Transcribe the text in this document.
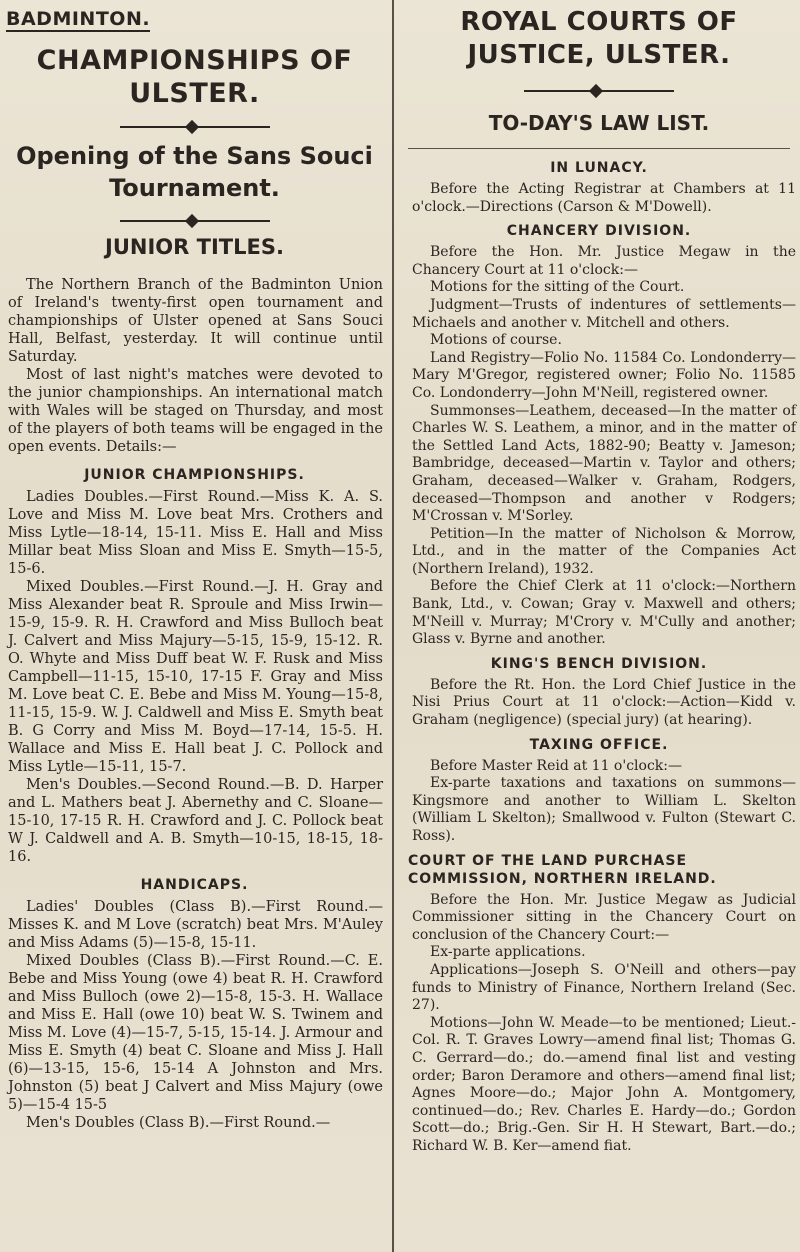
BADMINTON.
CHAMPIONSHIPS OF ULSTER.
Opening of the Sans Souci Tournament.
JUNIOR TITLES.

The Northern Branch of the Badminton Union of Ireland's twenty-first open tournament and championships of Ulster opened at Sans Souci Hall, Belfast, yesterday. It will continue until Saturday.

Most of last night's matches were devoted to the junior championships. An international match with Wales will be staged on Thursday, and most of the players of both teams will be engaged in the open events. Details:—

JUNIOR CHAMPIONSHIPS.

Ladies Doubles.—First Round.—Miss K. A. S. Love and Miss M. Love beat Mrs. Crothers and Miss Lytle—18-14, 15-11. Miss E. Hall and Miss Millar beat Miss Sloan and Miss E. Smyth—15-5, 15-6.

Mixed Doubles.—First Round.—J. H. Gray and Miss Alexander beat R. Sproule and Miss Irwin—15-9, 15-9. R. H. Crawford and Miss Bulloch beat J. Calvert and Miss Majury—5-15, 15-9, 15-12. R. O. Whyte and Miss Duff beat W. F. Rusk and Miss Campbell—11-15, 15-10, 17-15 F. Gray and Miss M. Love beat C. E. Bebe and Miss M. Young—15-8, 11-15, 15-9. W. J. Caldwell and Miss E. Smyth beat B. G Corry and Miss M. Boyd—17-14, 15-5. H. Wallace and Miss E. Hall beat J. C. Pollock and Miss Lytle—15-11, 15-7.

Men's Doubles.—Second Round.—B. D. Harper and L. Mathers beat J. Abernethy and C. Sloane—15-10, 17-15 R. H. Crawford and J. C. Pollock beat W J. Caldwell and A. B. Smyth—10-15, 18-15, 18-16.

HANDICAPS.

Ladies' Doubles (Class B).—First Round.—Misses K. and M Love (scratch) beat Mrs. M'Auley and Miss Adams (5)—15-8, 15-11.

Mixed Doubles (Class B).—First Round.—C. E. Bebe and Miss Young (owe 4) beat R. H. Crawford and Miss Bulloch (owe 2)—15-8, 15-3. H. Wallace and Miss E. Hall (owe 10) beat W. S. Twinem and Miss M. Love (4)—15-7, 5-15, 15-14. J. Armour and Miss E. Smyth (4) beat C. Sloane and Miss J. Hall (6)—13-15, 15-6, 15-14 A Johnston and Mrs. Johnston (5) beat J Calvert and Miss Majury (owe 5)—15-4 15-5

Men's Doubles (Class B).—First Round.—

ROYAL COURTS OF JUSTICE, ULSTER.
TO-DAY'S LAW LIST.
IN LUNACY.

Before the Acting Registrar at Chambers at 11 o'clock.—Directions (Carson & M'Dowell).

CHANCERY DIVISION.

Before the Hon. Mr. Justice Megaw in the Chancery Court at 11 o'clock:—

Motions for the sitting of the Court.

Judgment—Trusts of indentures of settlements—Michaels and another v. Mitchell and others.

Motions of course.

Land Registry—Folio No. 11584 Co. Londonderry—Mary M'Gregor, registered owner; Folio No. 11585 Co. Londonderry—John M'Neill, registered owner.

Summonses—Leathem, deceased—In the matter of Charles W. S. Leathem, a minor, and in the matter of the Settled Land Acts, 1882-90; Beatty v. Jameson; Bambridge, deceased—Martin v. Taylor and others; Graham, deceased—Walker v. Graham, Rodgers, deceased—Thompson and another v Rodgers; M'Crossan v. M'Sorley.

Petition—In the matter of Nicholson & Morrow, Ltd., and in the matter of the Companies Act (Northern Ireland), 1932.

Before the Chief Clerk at 11 o'clock:—Northern Bank, Ltd., v. Cowan; Gray v. Maxwell and others; M'Neill v. Murray; M'Crory v. M'Cully and another; Glass v. Byrne and another.

KING'S BENCH DIVISION.

Before the Rt. Hon. the Lord Chief Justice in the Nisi Prius Court at 11 o'clock:—Action—Kidd v. Graham (negligence) (special jury) (at hearing).

TAXING OFFICE.

Before Master Reid at 11 o'clock:—

Ex-parte taxations and taxations on summons—Kingsmore and another to William L. Skelton (William L Skelton); Smallwood v. Fulton (Stewart C. Ross).

COURT OF THE LAND PURCHASE COMMISSION, NORTHERN IRELAND.

Before the Hon. Mr. Justice Megaw as Judicial Commissioner sitting in the Chancery Court on conclusion of the Chancery Court:—

Ex-parte applications.

Applications—Joseph S. O'Neill and others—pay funds to Ministry of Finance, Northern Ireland (Sec. 27).

Motions—John W. Meade—to be mentioned; Lieut.-Col. R. T. Graves Lowry—amend final list; Thomas G. C. Gerrard—do.; do.—amend final list and vesting order; Baron Deramore and others—amend final list; Agnes Moore—do.; Major John A. Montgomery, continued—do.; Rev. Charles E. Hardy—do.; Gordon Scott—do.; Brig.-Gen. Sir H. H Stewart, Bart.—do.; Richard W. B. Ker—amend fiat.
